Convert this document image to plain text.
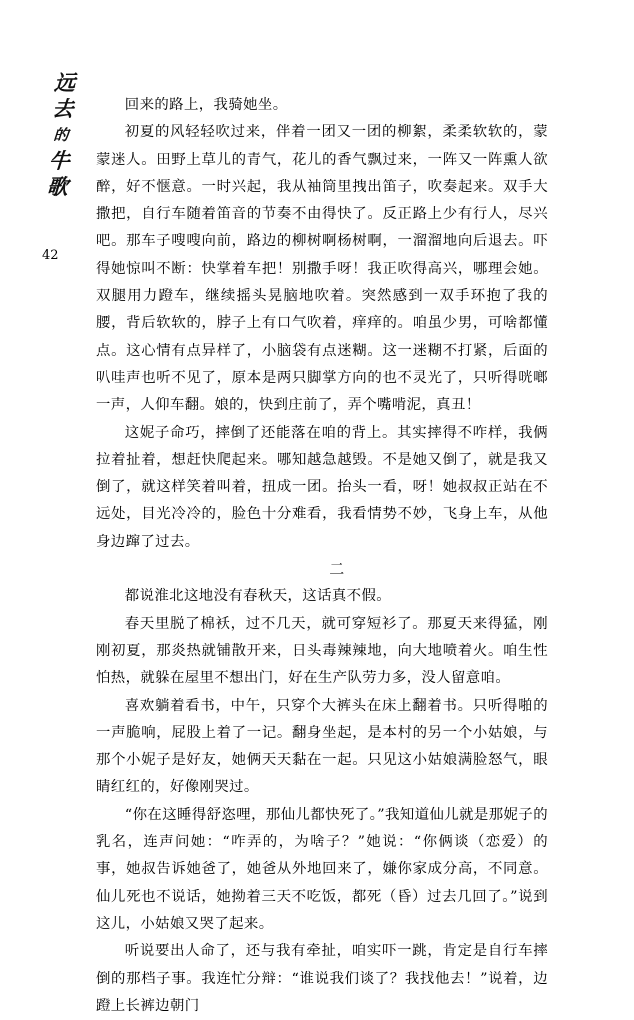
远
去
的
牛
歌
42

回来的路上，我骑她坐。

初夏的风轻轻吹过来，伴着一团又一团的柳絮，柔柔软软的，蒙蒙迷人。田野上草儿的青气，花儿的香气飘过来，一阵又一阵熏人欲醉，好不惬意。一时兴起，我从袖筒里拽出笛子，吹奏起来。双手大撒把，自行车随着笛音的节奏不由得快了。反正路上少有行人，尽兴吧。那车子嗖嗖向前，路边的柳树啊杨树啊，一溜溜地向后退去。吓得她惊叫不断：快掌着车把！别撒手呀！我正吹得高兴，哪理会她。双腿用力蹬车，继续摇头晃脑地吹着。突然感到一双手环抱了我的腰，背后软软的，脖子上有口气吹着，痒痒的。咱虽少男，可啥都懂点。这心情有点异样了，小脑袋有点迷糊。这一迷糊不打紧，后面的叭哇声也听不见了，原本是两只脚掌方向的也不灵光了，只听得咣啷一声，人仰车翻。娘的，快到庄前了，弄个嘴啃泥，真丑！

这妮子命巧，摔倒了还能落在咱的背上。其实摔得不咋样，我俩拉着扯着，想赶快爬起来。哪知越急越毁。不是她又倒了，就是我又倒了，就这样笑着叫着，扭成一团。抬头一看，呀！她叔叔正站在不远处，目光冷冷的，脸色十分难看，我看情势不妙，飞身上车，从他身边蹿了过去。

二

都说淮北这地没有春秋天，这话真不假。

春天里脱了棉袄，过不几天，就可穿短衫了。那夏天来得猛，刚刚初夏，那炎热就铺散开来，日头毒辣辣地，向大地喷着火。咱生性怕热，就躲在屋里不想出门，好在生产队劳力多，没人留意咱。

喜欢躺着看书，中午，只穿个大裤头在床上翻着书。只听得啪的一声脆响，屁股上着了一记。翻身坐起，是本村的另一个小姑娘，与那个小妮子是好友，她俩天天黏在一起。只见这小姑娘满脸怒气，眼睛红红的，好像刚哭过。

“你在这睡得舒恣哩，那仙儿都快死了。”我知道仙儿就是那妮子的乳名，连声问她：“咋弄的，为啥子？”她说：“你俩谈（恋爱）的事，她叔告诉她爸了，她爸从外地回来了，嫌你家成分高，不同意。仙儿死也不说话，她拗着三天不吃饭，都死（昏）过去几回了。”说到这儿，小姑娘又哭了起来。

听说要出人命了，还与我有牵扯，咱实吓一跳，肯定是自行车摔倒的那档子事。我连忙分辩：“谁说我们谈了？我找他去！”说着，边蹬上长裤边朝门
